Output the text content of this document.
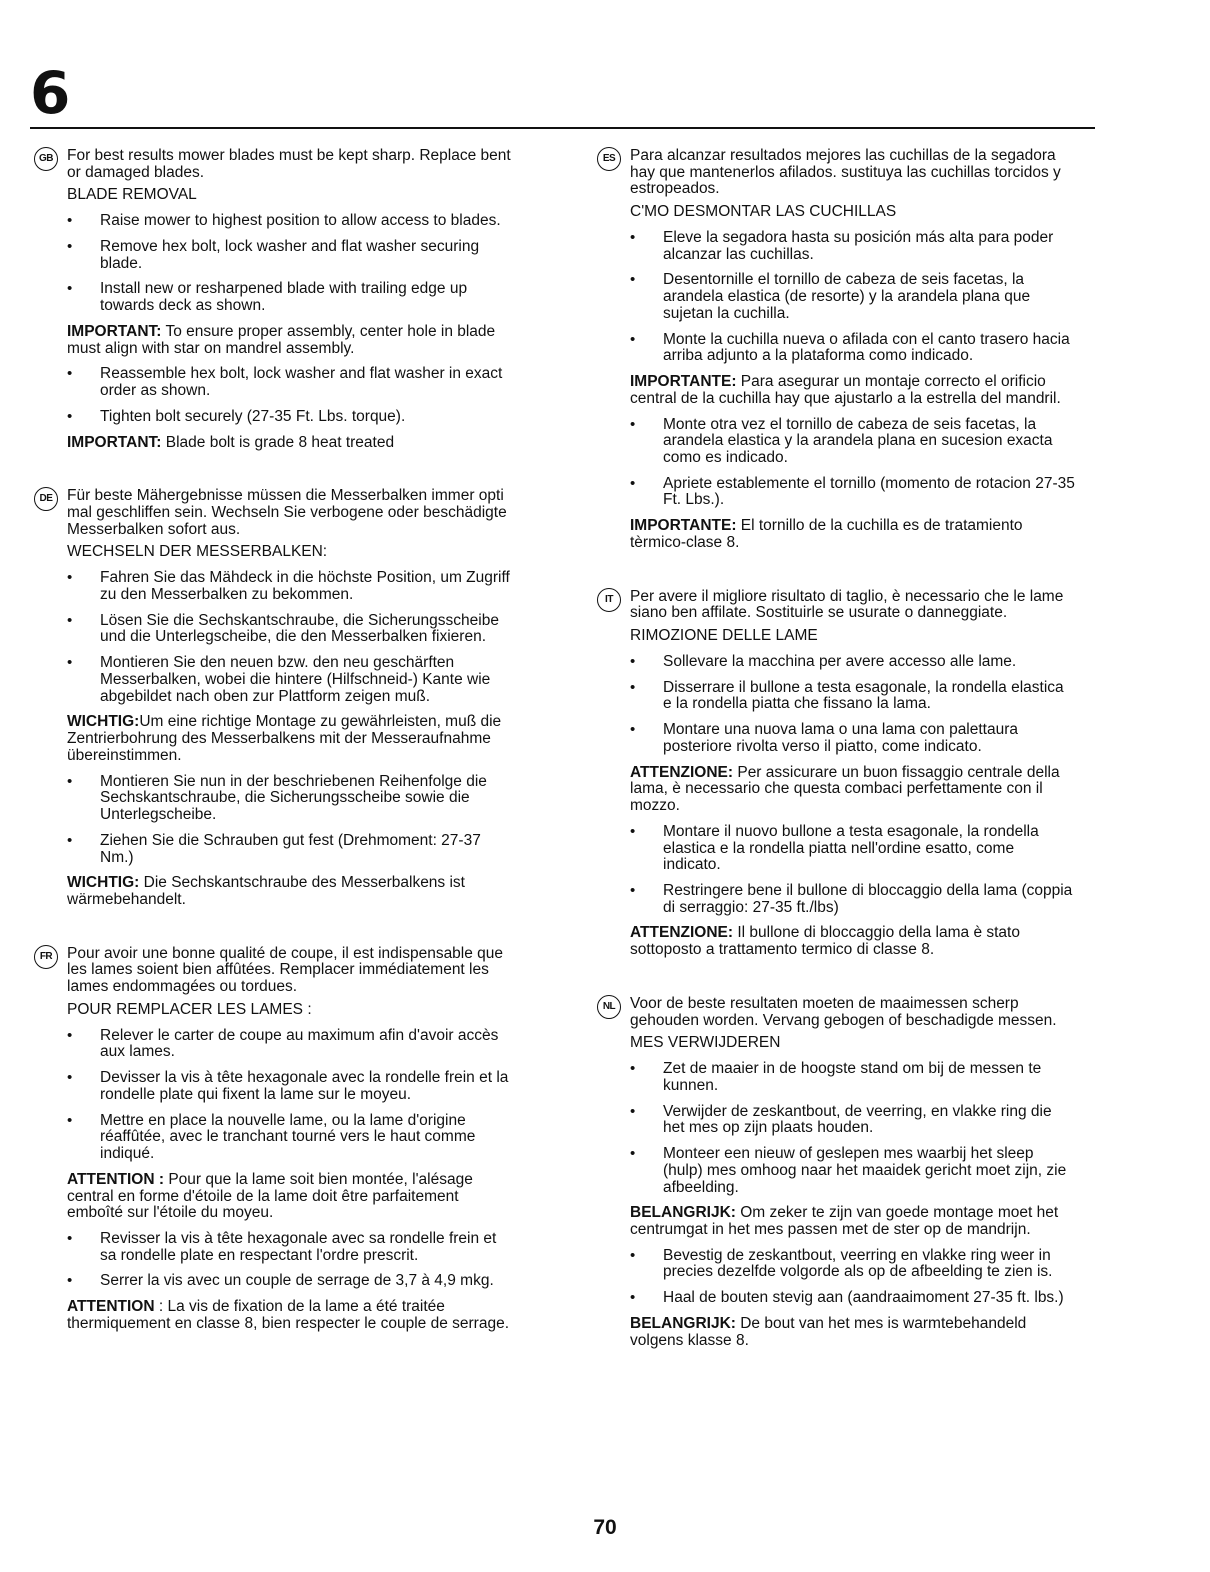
6
GB For best results mower blades must be kept sharp. Replace bent or damaged blades.

BLADE REMOVAL

• Raise mower to highest position to allow access to blades.
• Remove hex bolt, lock washer and flat washer securing blade.
• Install new or resharpened blade with trailing edge up towards deck as shown.

IMPORTANT: To ensure proper assembly, center hole in blade must align with star on mandrel assembly.

• Reassemble hex bolt, lock washer and flat washer in exact order as shown.
• Tighten bolt securely (27-35 Ft. Lbs. torque).

IMPORTANT: Blade bolt is grade 8 heat treated

DE Für beste Mähergebnisse müssen die Messerbalken immer opti mal geschliffen sein. Wechseln Sie verbogene oder beschädigte Messerbalken sofort aus.

WECHSELN DER MESSERBALKEN:

• Fahren Sie das Mähdeck in die höchste Position, um Zugriff zu den Messerbalken zu bekommen.
• Lösen Sie die Sechskantschraube, die Sicherungsscheibe und die Unterlegscheibe, die den Messerbalken fixieren.
• Montieren Sie den neuen bzw. den neu geschärften Messerbalken, wobei die hintere (Hilfschneid-) Kante wie abgebildet nach oben zur Plattform zeigen muß.

WICHTIG:Um eine richtige Montage zu gewährleisten, muß die Zentrierbohrung des Messerbalkens mit der Messeraufnahme übereinstimmen.

• Montieren Sie nun in der beschriebenen Reihenfolge die Sechskantschraube, die Sicherungsscheibe sowie die Unterlegscheibe.
• Ziehen Sie die Schrauben gut fest (Drehmoment: 27-37 Nm.)

WICHTIG: Die Sechskantschraube des Messerbalkens ist wärmebehandelt.

FR Pour avoir une bonne qualité de coupe, il est indispensable que les lames soient bien affûtées. Remplacer immédiatement les lames endommagées ou tordues.

POUR REMPLACER LES LAMES :

• Relever le carter de coupe au maximum afin d'avoir accès aux lames.
• Devisser la vis à tête hexagonale avec la rondelle frein et la rondelle plate qui fixent la lame sur le moyeu.
• Mettre en place la nouvelle lame, ou la lame d'origine réaffûtée, avec le tranchant tourné vers le haut comme indiqué.

ATTENTION : Pour que la lame soit bien montée, l'alésage central en forme d'étoile de la lame doit être parfaitement emboîté sur l'étoile du moyeu.

• Revisser la vis à tête hexagonale avec sa rondelle frein et sa rondelle plate en respectant l'ordre prescrit.
• Serrer la vis avec un couple de serrage de 3,7 à 4,9 mkg.

ATTENTION : La vis de fixation de la lame a été traitée thermiquement en classe 8, bien respecter le couple de serrage.

ES Para alcanzar resultados mejores las cuchillas de la segadora hay que mantenerlos afilados. sustituya las cuchillas torcidos y estropeados.

C'MO DESMONTAR LAS CUCHILLAS

• Eleve la segadora hasta su posición más alta para poder alcanzar las cuchillas.
• Desentornille el tornillo de cabeza de seis facetas, la arandela elastica (de resorte) y la arandela plana que sujetan la cuchilla.
• Monte la cuchilla nueva o afilada con el canto trasero hacia arriba adjunto a la plataforma como indicado.

IMPORTANTE: Para asegurar un montaje correcto el orificio central de la cuchilla hay que ajustarlo a la estrella del mandril.

• Monte otra vez el tornillo de cabeza de seis facetas, la arandela elastica y la arandela plana en sucesion exacta como es indicado.
• Apriete establemente el tornillo (momento de rotacion 27-35 Ft. Lbs.).

IMPORTANTE: El tornillo de la cuchilla es de tratamiento tèrmico-clase 8.

IT	Per avere il migliore risultato di taglio, è necessario che le lame siano ben affilate. Sostituirle se usurate o danneggiate.

RIMOZIONE DELLE LAME

• Sollevare la macchina per avere accesso alle lame.
• Disserrare il bullone a testa esagonale, la rondella elastica e la rondella piatta che fissano la lama.
• Montare una nuova lama o una lama con palettaura posteriore rivolta verso il piatto, come indicato.

ATTENZIONE: Per assicurare un buon fissaggio centrale della lama, è necessario che questa combaci perfettamente con il mozzo.

• Montare il nuovo bullone a testa esagonale, la rondella elastica e la rondella piatta nell'ordine esatto, come indicato.
• Restringere bene il bullone di bloccaggio della lama (coppia di serraggio: 27-35 ft./lbs)

ATTENZIONE: Il bullone di bloccaggio della lama è stato sottoposto a trattamento termico di classe 8.

NL Voor de beste resultaten moeten de maaimessen scherp gehouden worden. Vervang gebogen of beschadigde messen.

MES VERWIJDEREN

• Zet de maaier in de hoogste stand om bij de messen te kunnen.
• Verwijder de zeskantbout, de veerring, en vlakke ring die het mes op zijn plaats houden.
• Monteer een nieuw of geslepen mes waarbij het sleep (hulp) mes omhoog naar het maaidek gericht moet zijn, zie afbeelding.

BELANGRIJK: Om zeker te zijn van goede montage moet het centrumgat in het mes passen met de ster op de mandrijn.

• Bevestig de zeskantbout, veerring en vlakke ring weer in precies dezelfde volgorde als op de afbeelding te zien is.
• Haal de bouten stevig aan (aandraaimoment 27-35 ft. lbs.)

BELANGRIJK: De bout van het mes is warmtebehandeld volgens klasse 8.

70
